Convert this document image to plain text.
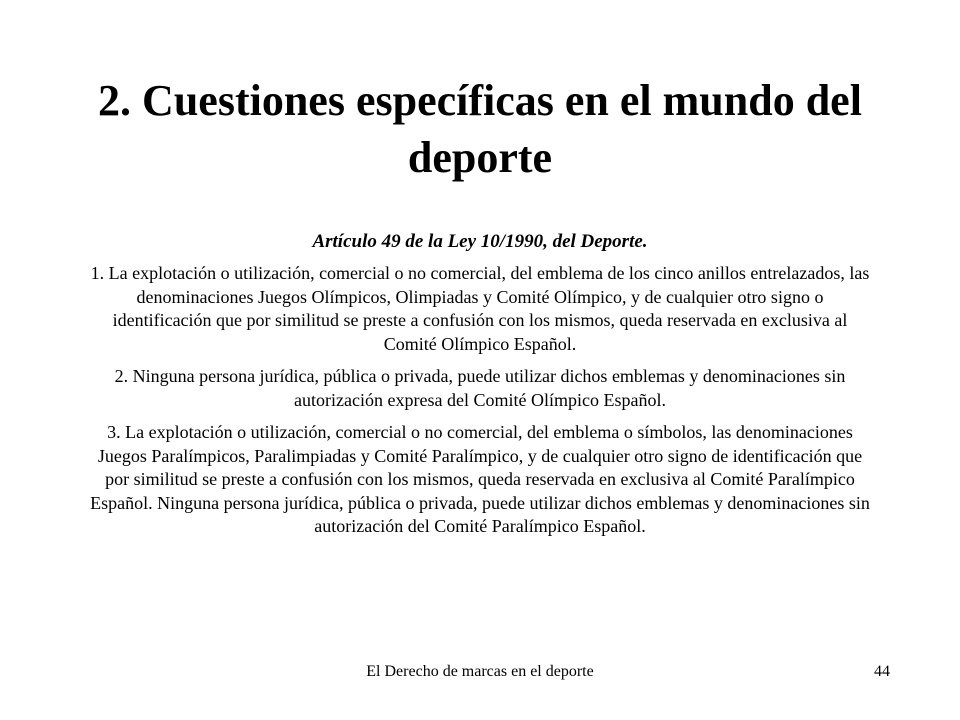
2. Cuestiones específicas en el mundo del deporte

Artículo 49 de la Ley 10/1990, del Deporte.

1. La explotación o utilización, comercial o no comercial, del emblema de los cinco anillos entrelazados, las denominaciones Juegos Olímpicos, Olimpiadas y Comité Olímpico, y de cualquier otro signo o identificación que por similitud se preste a confusión con los mismos, queda reservada en exclusiva al Comité Olímpico Español.

2. Ninguna persona jurídica, pública o privada, puede utilizar dichos emblemas y denominaciones sin autorización expresa del Comité Olímpico Español.

3. La explotación o utilización, comercial o no comercial, del emblema o símbolos, las denominaciones Juegos Paralímpicos, Paralimpiadas y Comité Paralímpico, y de cualquier otro signo de identificación que por similitud se preste a confusión con los mismos, queda reservada en exclusiva al Comité Paralímpico Español. Ninguna persona jurídica, pública o privada, puede utilizar dichos emblemas y denominaciones sin autorización del Comité Paralímpico Español.

El Derecho de marcas en el deporte	44
